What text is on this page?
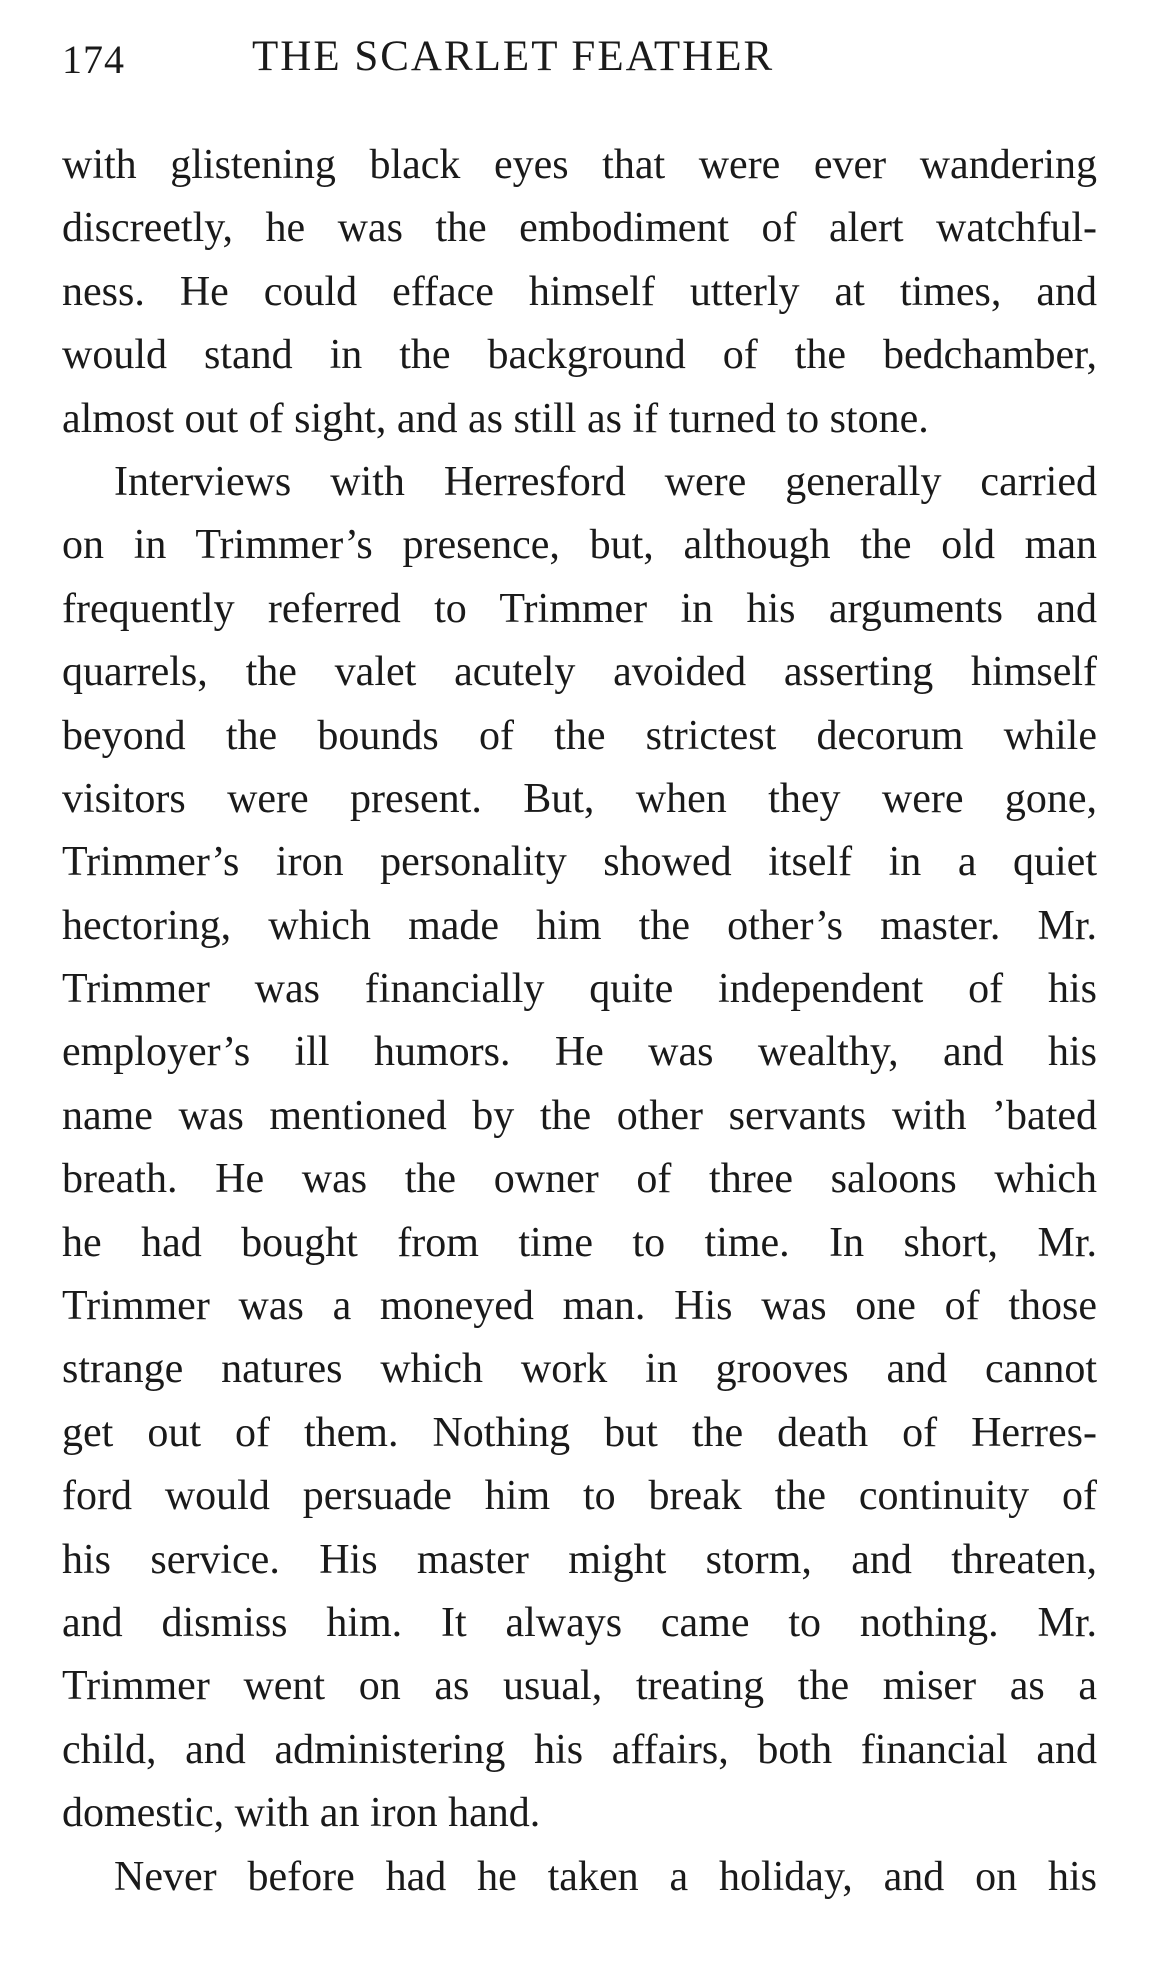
174	THE SCARLET FEATHER
with glistening black eyes that were ever wandering
discreetly, he was the embodiment of alert watchful-
ness. He could efface himself utterly at times, and
would stand in the background of the bedchamber,
almost out of sight, and as still as if turned to stone.
Interviews with Herresford were generally carried
on in Trimmer’s presence, but, although the old man
frequently referred to Trimmer in his arguments and
quarrels, the valet acutely avoided asserting himself
beyond the bounds of the strictest decorum while
visitors were present. But, when they were gone,
Trimmer’s iron personality showed itself in a quiet
hectoring, which made him the other’s master. Mr.
Trimmer was financially quite independent of his
employer’s ill humors. He was wealthy, and his
name was mentioned by the other servants with ’bated
breath. He was the owner of three saloons which
he had bought from time to time. In short, Mr.
Trimmer was a moneyed man. His was one of those
strange natures which work in grooves and cannot
get out of them. Nothing but the death of Herres-
ford would persuade him to break the continuity of
his service. His master might storm, and threaten,
and dismiss him. It always came to nothing. Mr.
Trimmer went on as usual, treating the miser as a
child, and administering his affairs, both financial and
domestic, with an iron hand.
Never before had he taken a holiday, and on his
